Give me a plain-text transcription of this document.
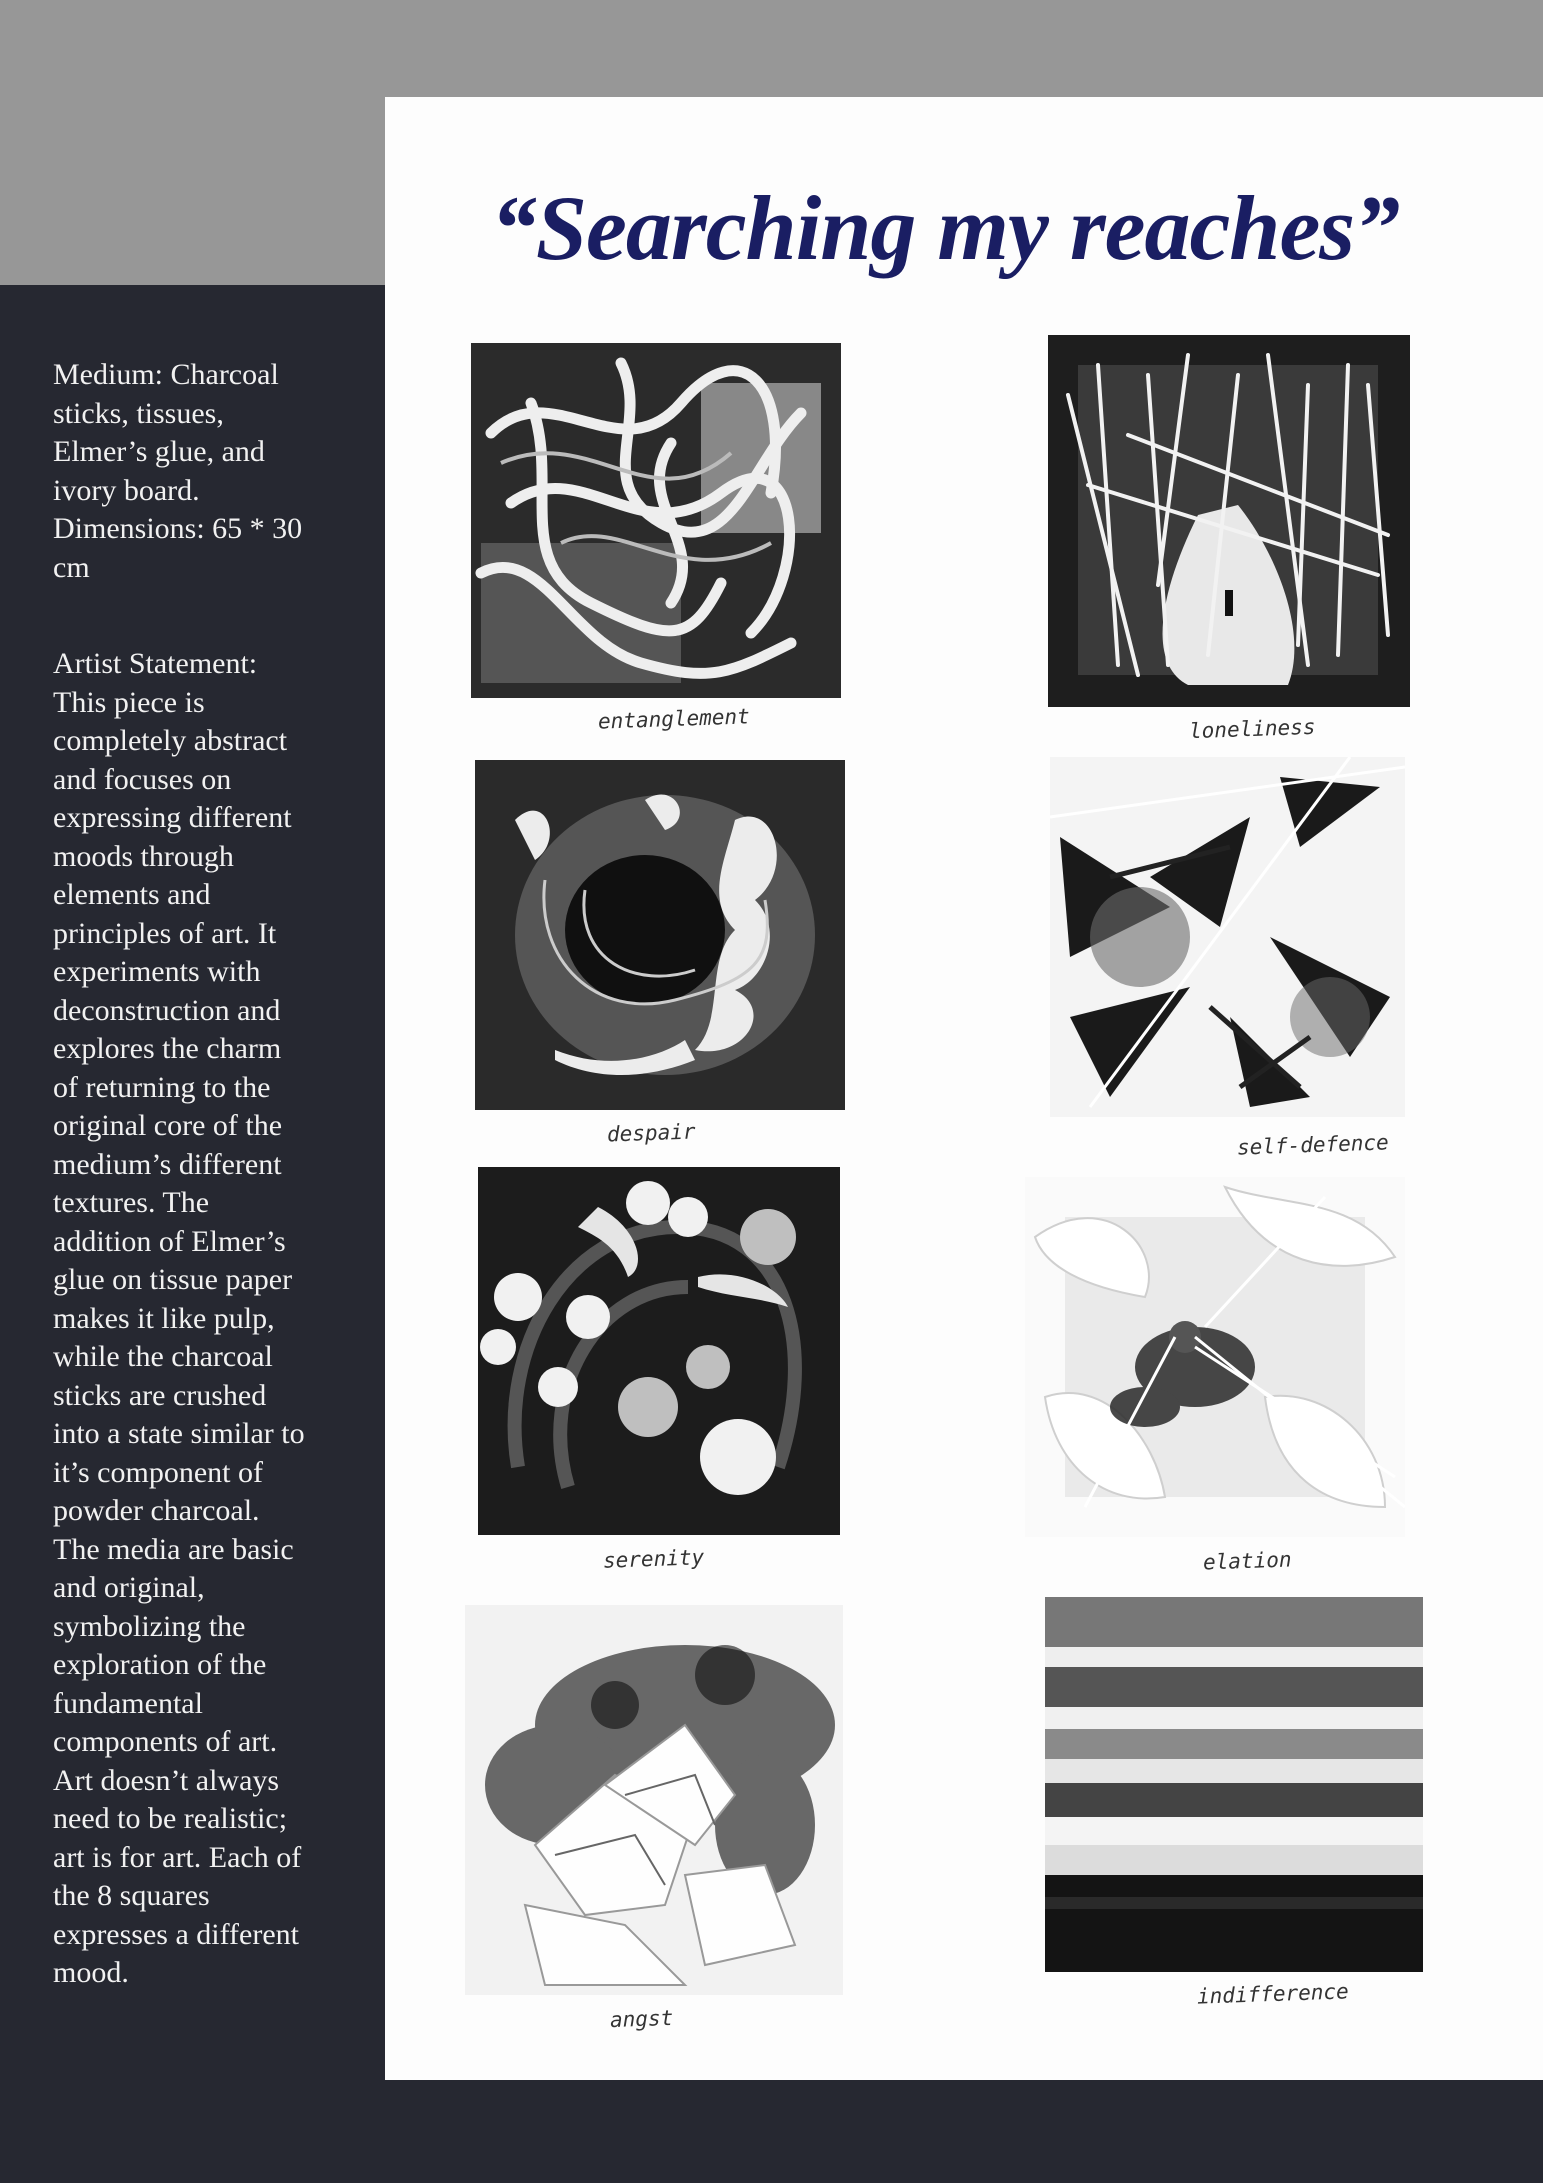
Medium: Charcoal
sticks, tissues,
Elmer’s glue, and
ivory board.
Dimensions: 65 * 30
cm
Artist Statement:
This piece is
completely abstract
and focuses on
expressing different
moods through
elements and
principles of art. It
experiments with
deconstruction and
explores the charm
of returning to the
original core of the
medium’s different
textures. The
addition of Elmer’s
glue on tissue paper
makes it like pulp,
while the charcoal
sticks are crushed
into a state similar to
it’s component of
powder charcoal.
The media are basic
and original,
symbolizing the
exploration of the
fundamental
components of art.
Art doesn’t always
need to be realistic;
art is for art. Each of
the 8 squares
expresses a different
mood.
“Searching my reaches”
entanglement	loneliness
despair	self-defence
serenity	elation
angst
indifference
